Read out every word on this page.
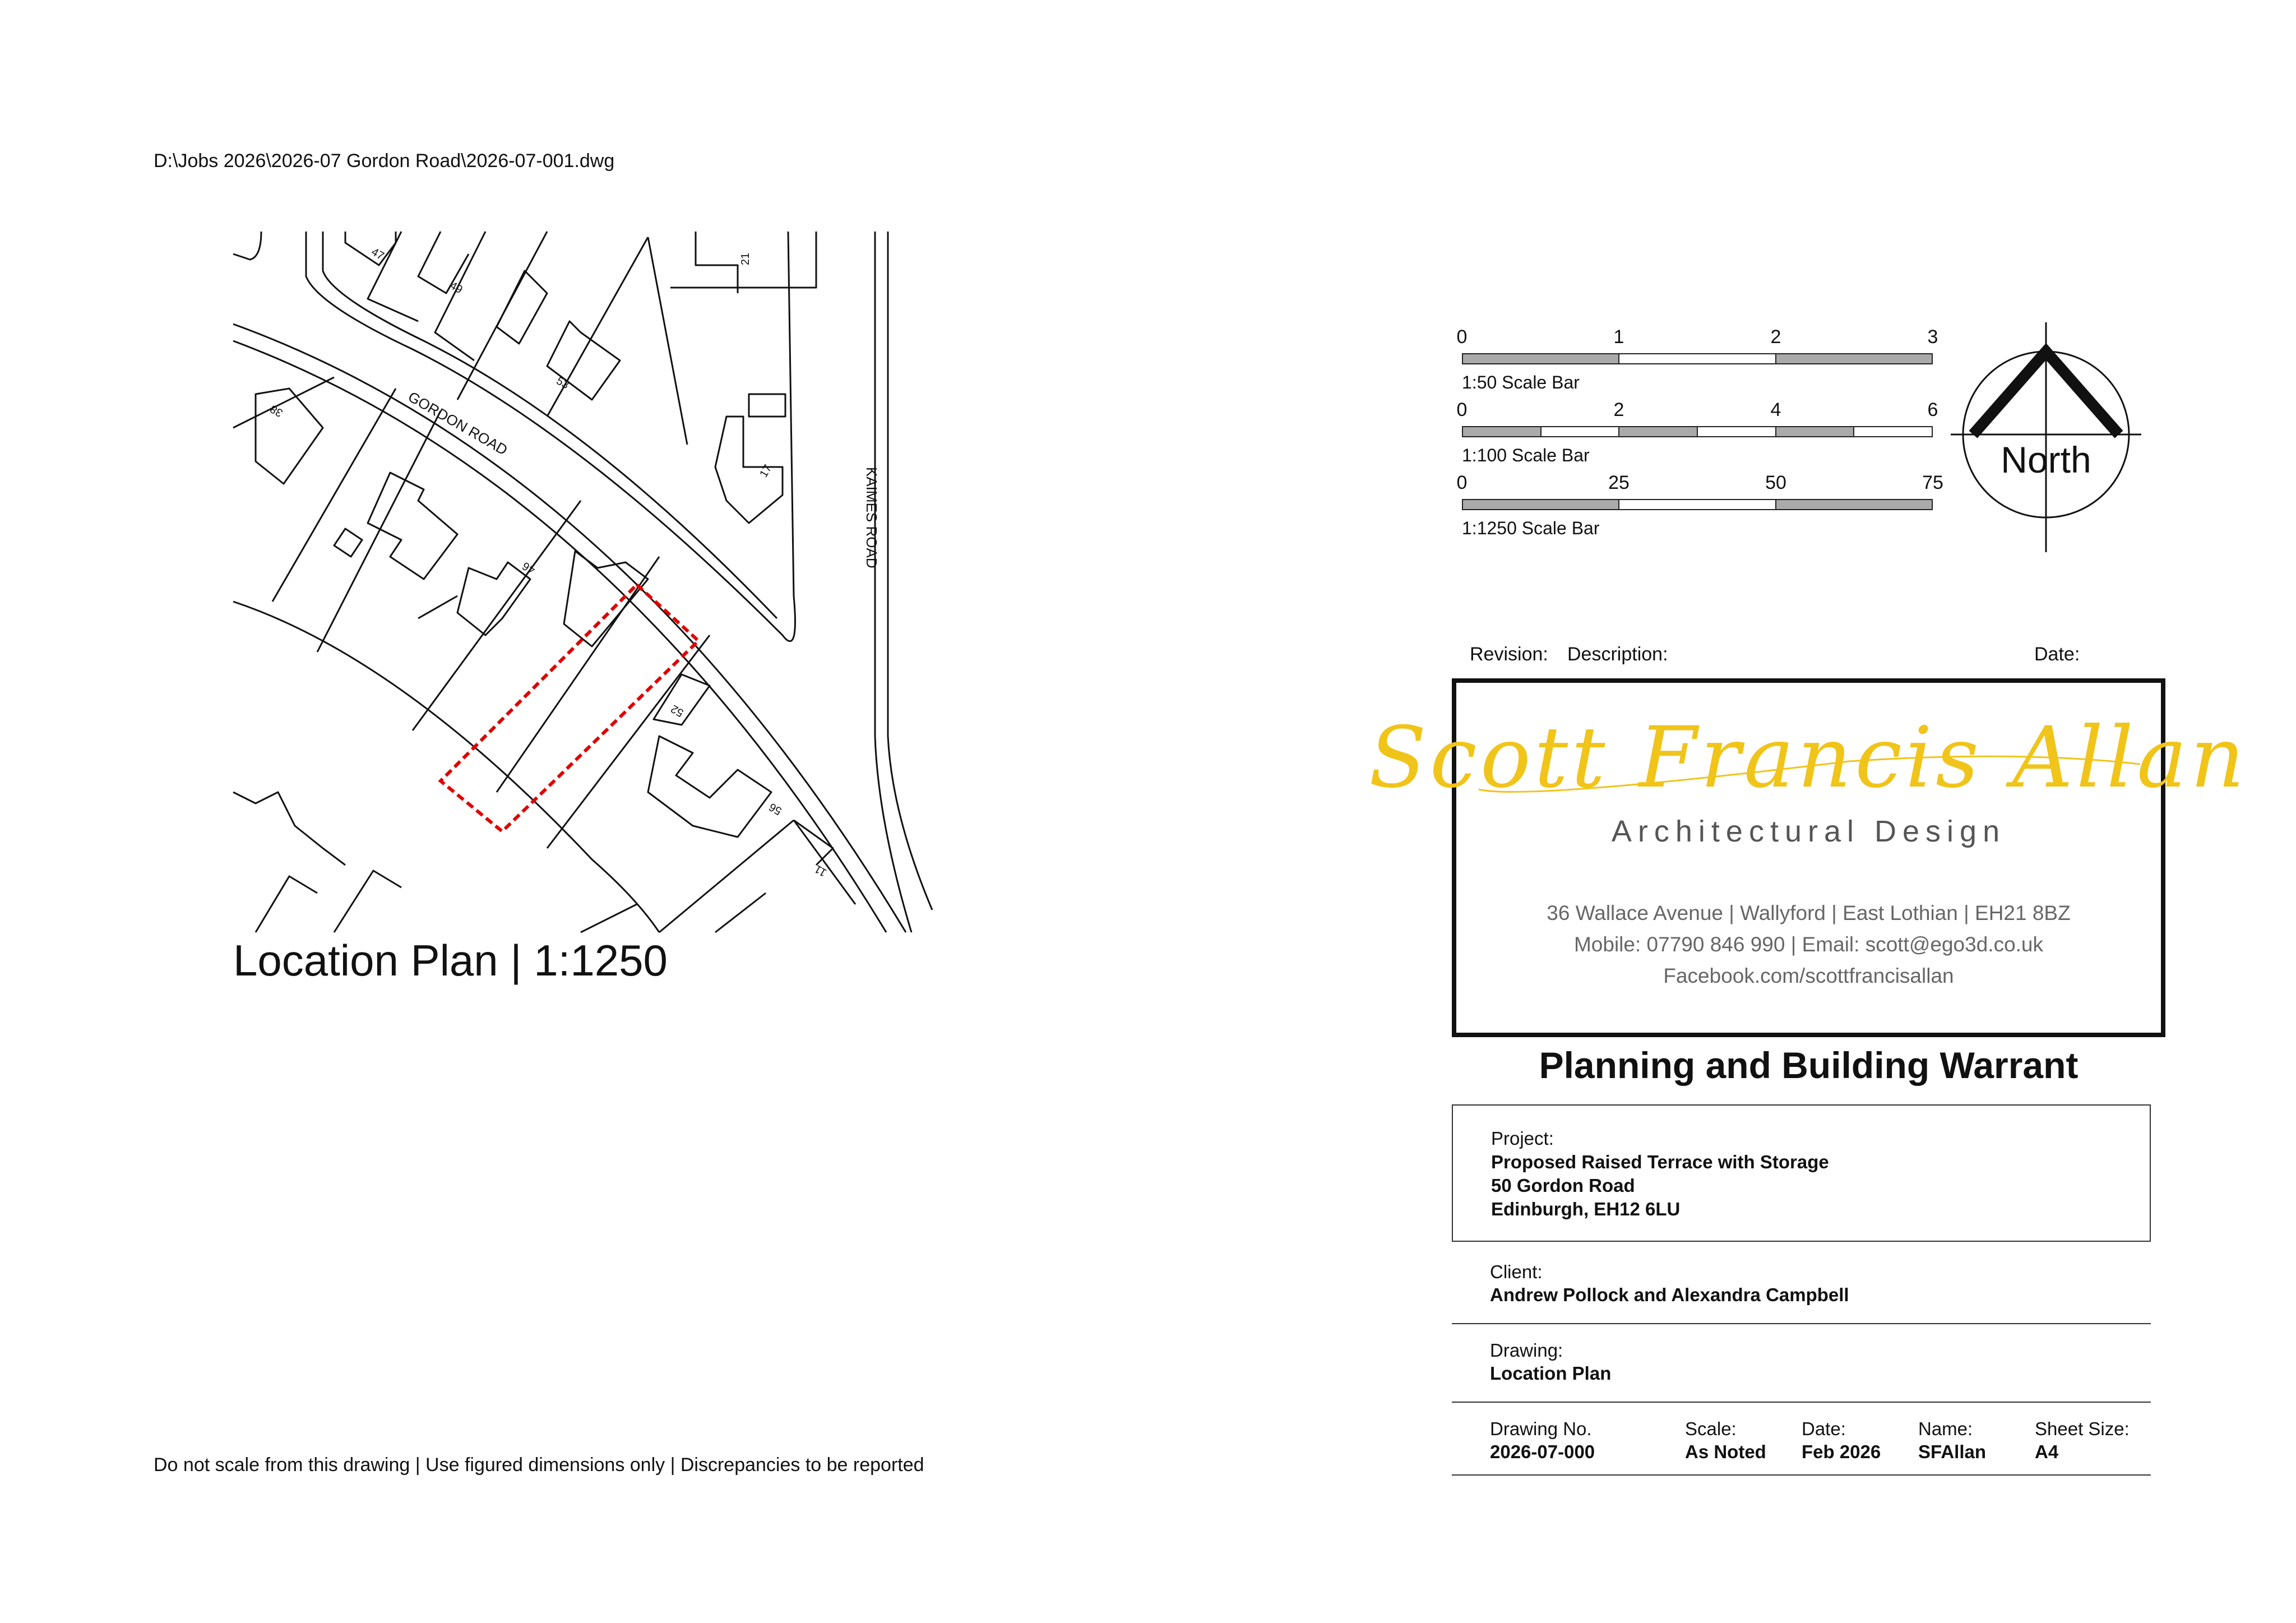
D:\Jobs 2026\2026-07 Gordon Road\2026-07-001.dwg
GORDON ROAD
KAIMES ROAD
47
49
21
53
38
17
46
52
56
11
Location Plan | 1:1250
0	1	2	3
1:50 Scale Bar
0	2	4	6
1:100 Scale Bar
0	25	50	75
1:1250 Scale Bar
North
Revision: Description:	Date:
Scott Francis Allan
Architectural Design
36 Wallace Avenue | Wallyford | East Lothian | EH21 8BZ
Mobile: 07790 846 990 | Email: scott@ego3d.co.uk
Facebook.com/scottfrancisallan
Planning and Building Warrant
Project:
Proposed Raised Terrace with Storage
50 Gordon Road
Edinburgh, EH12 6LU
Client:
Andrew Pollock and Alexandra Campbell
Drawing:
Location Plan
Drawing No.
2026-07-000
Scale:
As Noted
Date:
Feb 2026
Name:
SFAllan
Sheet Size:
A4
Do not scale from this drawing | Use figured dimensions only | Discrepancies to be reported
